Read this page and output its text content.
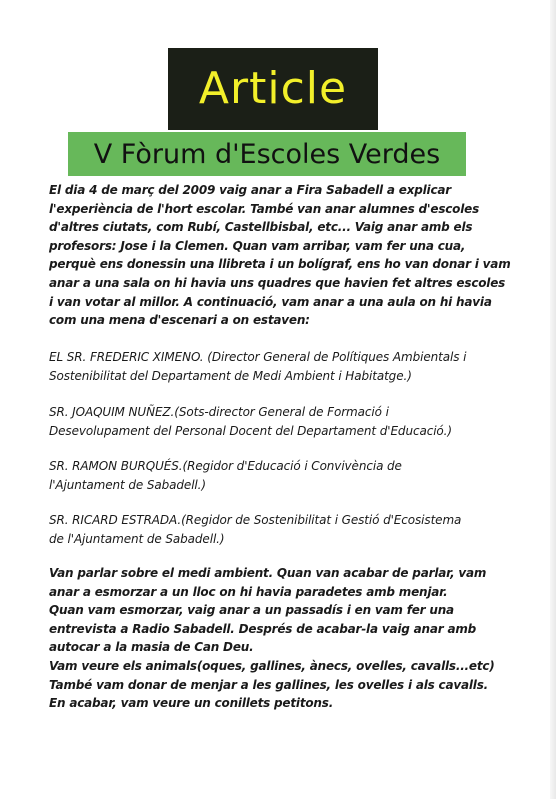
Article
V Fòrum d'Escoles Verdes
El dia 4 de març del 2009 vaig anar a Fira Sabadell a explicar
l'experiència de l'hort escolar. També van anar alumnes d'escoles
d'altres ciutats, com Rubí, Castellbisbal, etc... Vaig anar amb els
profesors: Jose i la Clemen. Quan vam arribar, vam fer una cua,
perquè ens donessin una llibreta i un bolígraf, ens ho van donar i vam
anar a una sala on hi havia uns quadres que havien fet altres escoles
i van votar al millor. A continuació, vam anar a una aula on hi havia
com una mena d'escenari a on estaven:
EL SR. FREDERIC XIMENO. (Director General de Polítiques Ambientals i
Sostenibilitat del Departament de Medi Ambient i Habitatge.)
SR. JOAQUIM NUÑEZ.(Sots-director General de Formació i
Desevolupament del Personal Docent del Departament d'Educació.)
SR. RAMON BURQUÉS.(Regidor d'Educació i Convivència de
l'Ajuntament de Sabadell.)
SR. RICARD ESTRADA.(Regidor de Sostenibilitat i Gestió d'Ecosistema
de l'Ajuntament de Sabadell.)
Van parlar sobre el medi ambient. Quan van acabar de parlar, vam
anar a esmorzar a un lloc on hi havia paradetes amb menjar.
Quan vam esmorzar, vaig anar a un passadís i en vam fer una
entrevista a Radio Sabadell. Després de acabar-la vaig anar amb
autocar a la masia de Can Deu.
Vam veure els animals(oques, gallines, ànecs, ovelles, cavalls...etc)
També vam donar de menjar a les gallines, les ovelles i als cavalls.
En acabar, vam veure un conillets petitons.
